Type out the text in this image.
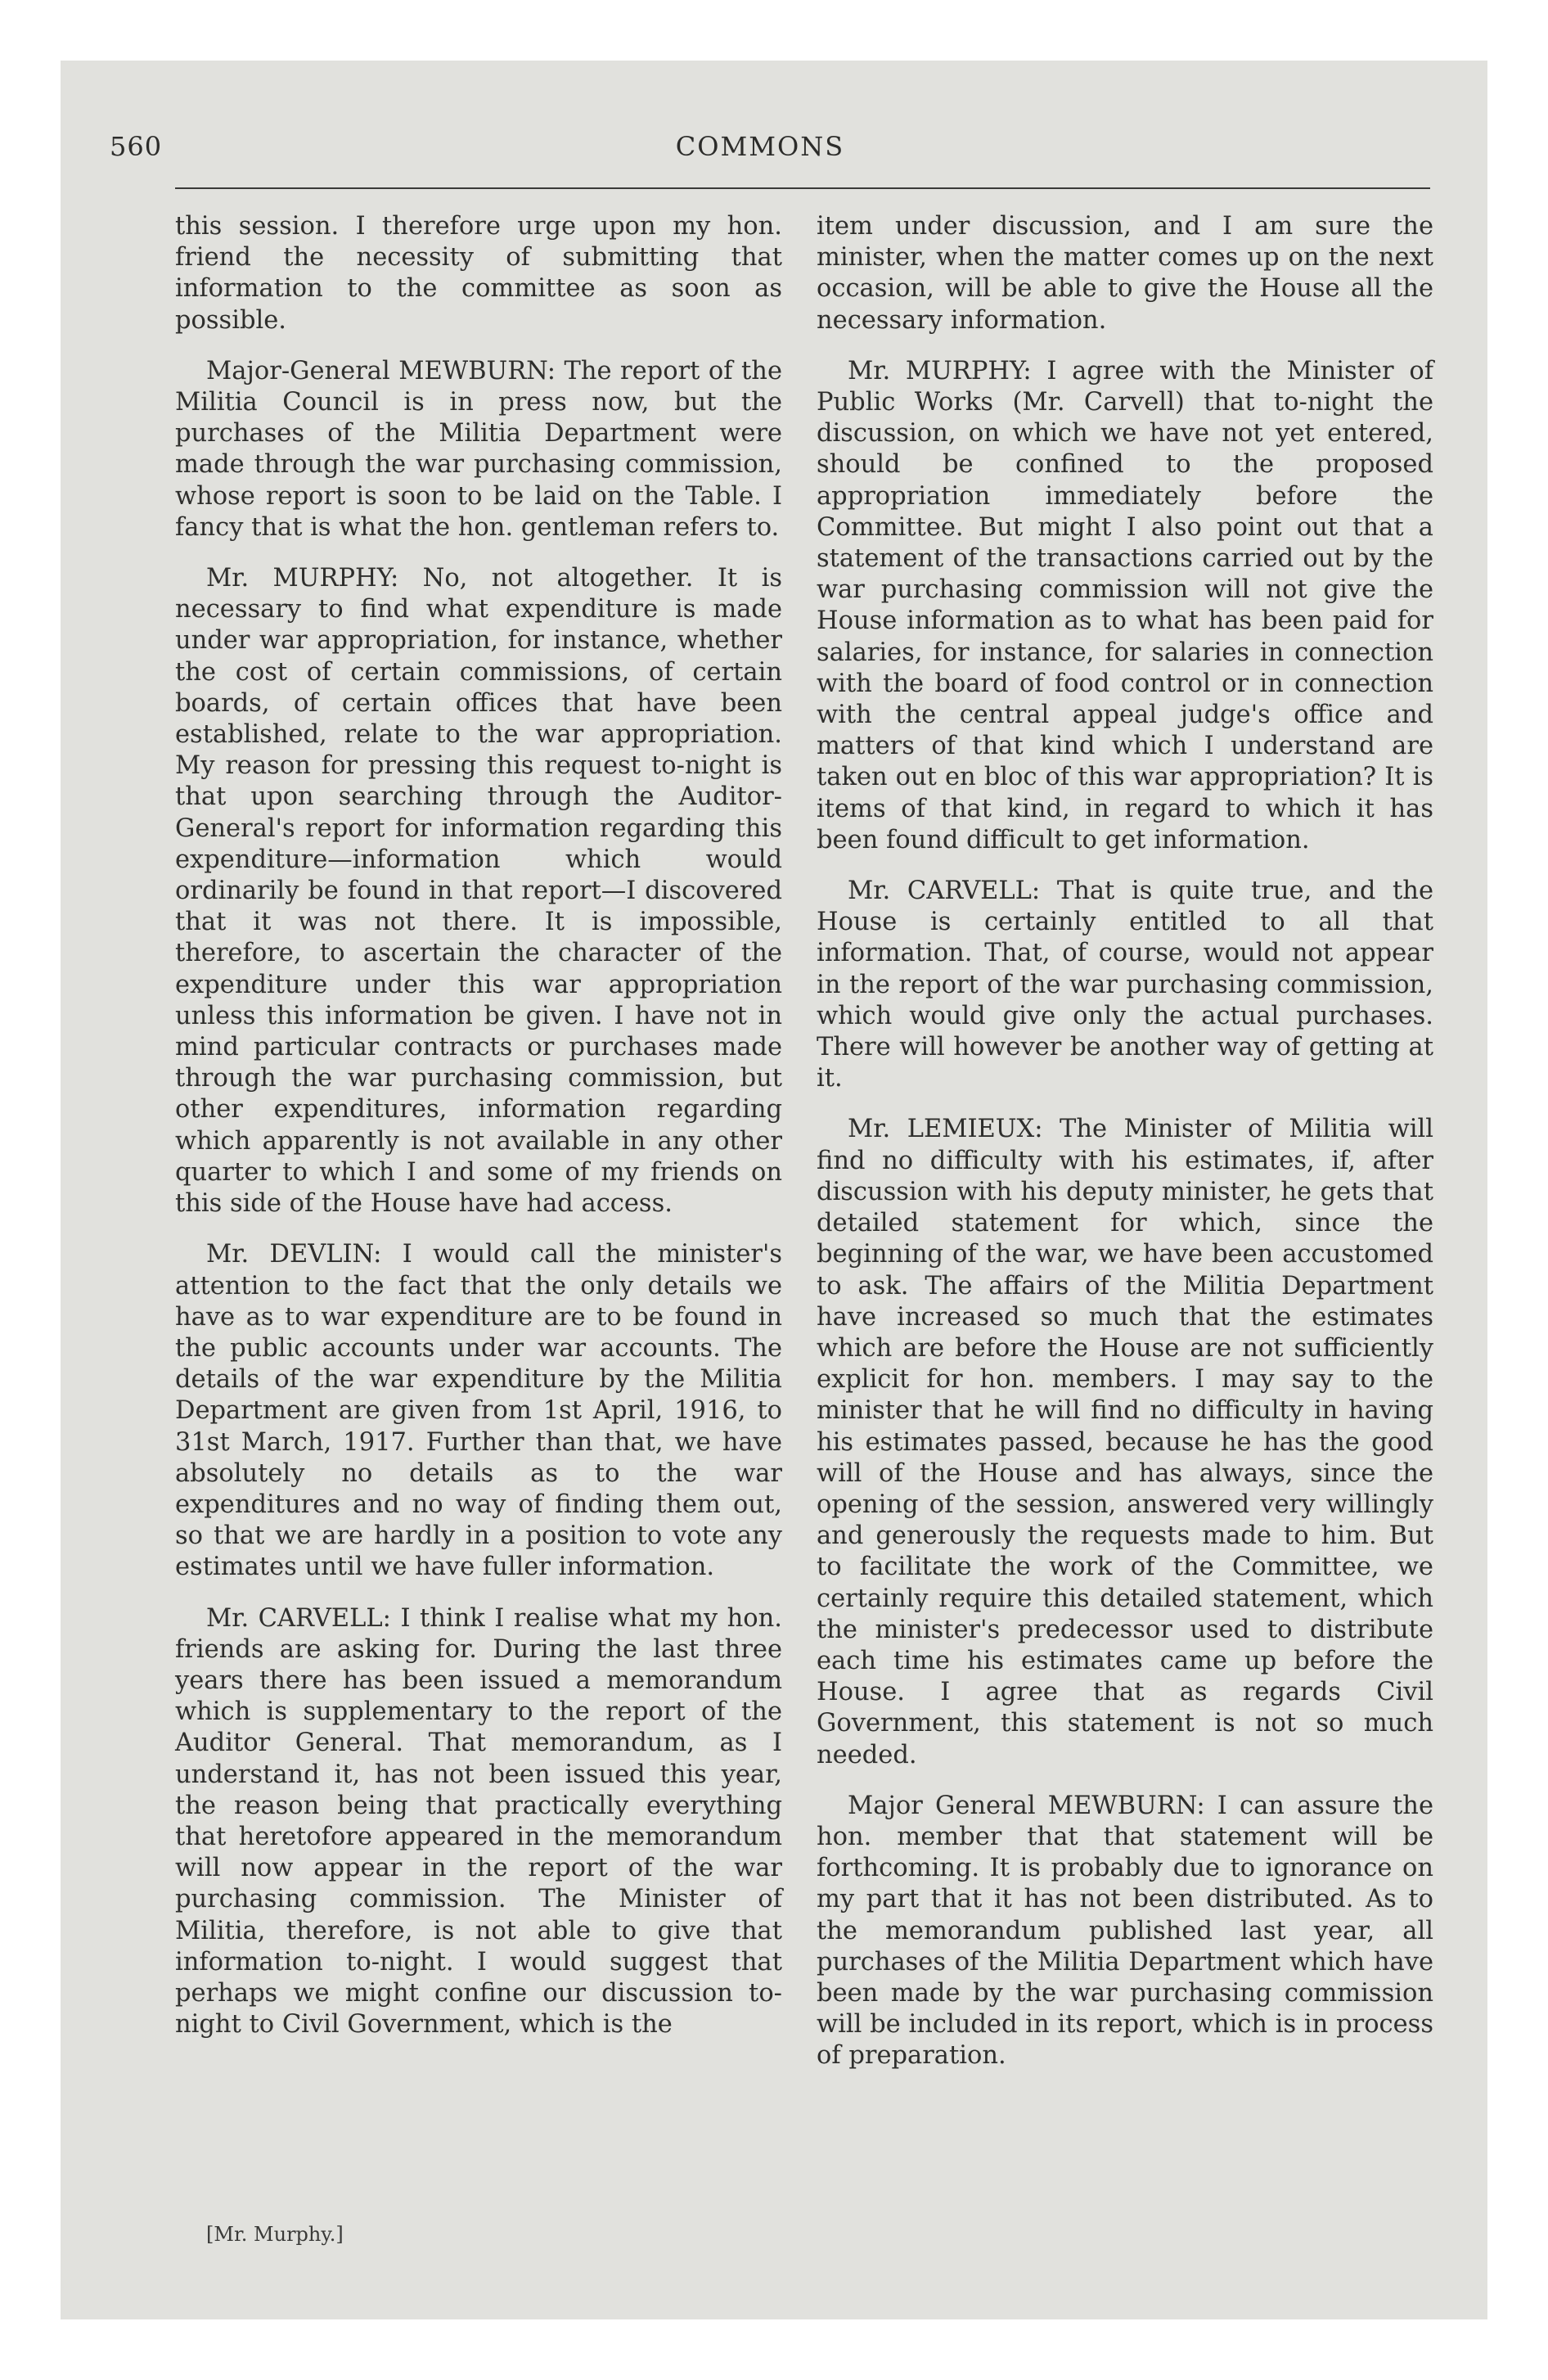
560	COMMONS

this session. I therefore urge upon my hon. friend the necessity of submitting that information to the committee as soon as possible.

Major-General MEWBURN: The report of the Militia Council is in press now, but the purchases of the Militia Department were made through the war purchasing commission, whose report is soon to be laid on the Table. I fancy that is what the hon. gentleman refers to.

Mr. MURPHY: No, not altogether. It is necessary to find what expenditure is made under war appropriation, for instance, whether the cost of certain commissions, of certain boards, of certain offices that have been established, relate to the war appropriation. My reason for pressing this request to-night is that upon searching through the Auditor-General's report for information regarding this expenditure—information which would ordinarily be found in that report—I discovered that it was not there. It is impossible, therefore, to ascertain the character of the expenditure under this war appropriation unless this information be given. I have not in mind particular contracts or purchases made through the war purchasing commission, but other expenditures, information regarding which apparently is not available in any other quarter to which I and some of my friends on this side of the House have had access.

Mr. DEVLIN: I would call the minister's attention to the fact that the only details we have as to war expenditure are to be found in the public accounts under war accounts. The details of the war expenditure by the Militia Department are given from 1st April, 1916, to 31st March, 1917. Further than that, we have absolutely no details as to the war expenditures and no way of finding them out, so that we are hardly in a position to vote any estimates until we have fuller information.

Mr. CARVELL: I think I realise what my hon. friends are asking for. During the last three years there has been issued a memorandum which is supplementary to the report of the Auditor General. That memorandum, as I understand it, has not been issued this year, the reason being that practically everything that heretofore appeared in the memorandum will now appear in the report of the war purchasing commission. The Minister of Militia, therefore, is not able to give that information to-night. I would suggest that perhaps we might confine our discussion to-night to Civil Government, which is the

item under discussion, and I am sure the minister, when the matter comes up on the next occasion, will be able to give the House all the necessary information.

Mr. MURPHY: I agree with the Minister of Public Works (Mr. Carvell) that to-night the discussion, on which we have not yet entered, should be confined to the proposed appropriation immediately before the Committee. But might I also point out that a statement of the transactions carried out by the war purchasing commission will not give the House information as to what has been paid for salaries, for instance, for salaries in connection with the board of food control or in connection with the central appeal judge's office and matters of that kind which I understand are taken out en bloc of this war appropriation? It is items of that kind, in regard to which it has been found difficult to get information.

Mr. CARVELL: That is quite true, and the House is certainly entitled to all that information. That, of course, would not appear in the report of the war purchasing commission, which would give only the actual purchases. There will however be another way of getting at it.

Mr. LEMIEUX: The Minister of Militia will find no difficulty with his estimates, if, after discussion with his deputy minister, he gets that detailed statement for which, since the beginning of the war, we have been accustomed to ask. The affairs of the Militia Department have increased so much that the estimates which are before the House are not sufficiently explicit for hon. members. I may say to the minister that he will find no difficulty in having his estimates passed, because he has the good will of the House and has always, since the opening of the session, answered very willingly and generously the requests made to him. But to facilitate the work of the Committee, we certainly require this detailed statement, which the minister's predecessor used to distribute each time his estimates came up before the House. I agree that as regards Civil Government, this statement is not so much needed.

Major General MEWBURN: I can assure the hon. member that that statement will be forthcoming. It is probably due to ignorance on my part that it has not been distributed. As to the memorandum published last year, all purchases of the Militia Department which have been made by the war purchasing commission will be included in its report, which is in process of preparation.

[Mr. Murphy.]
